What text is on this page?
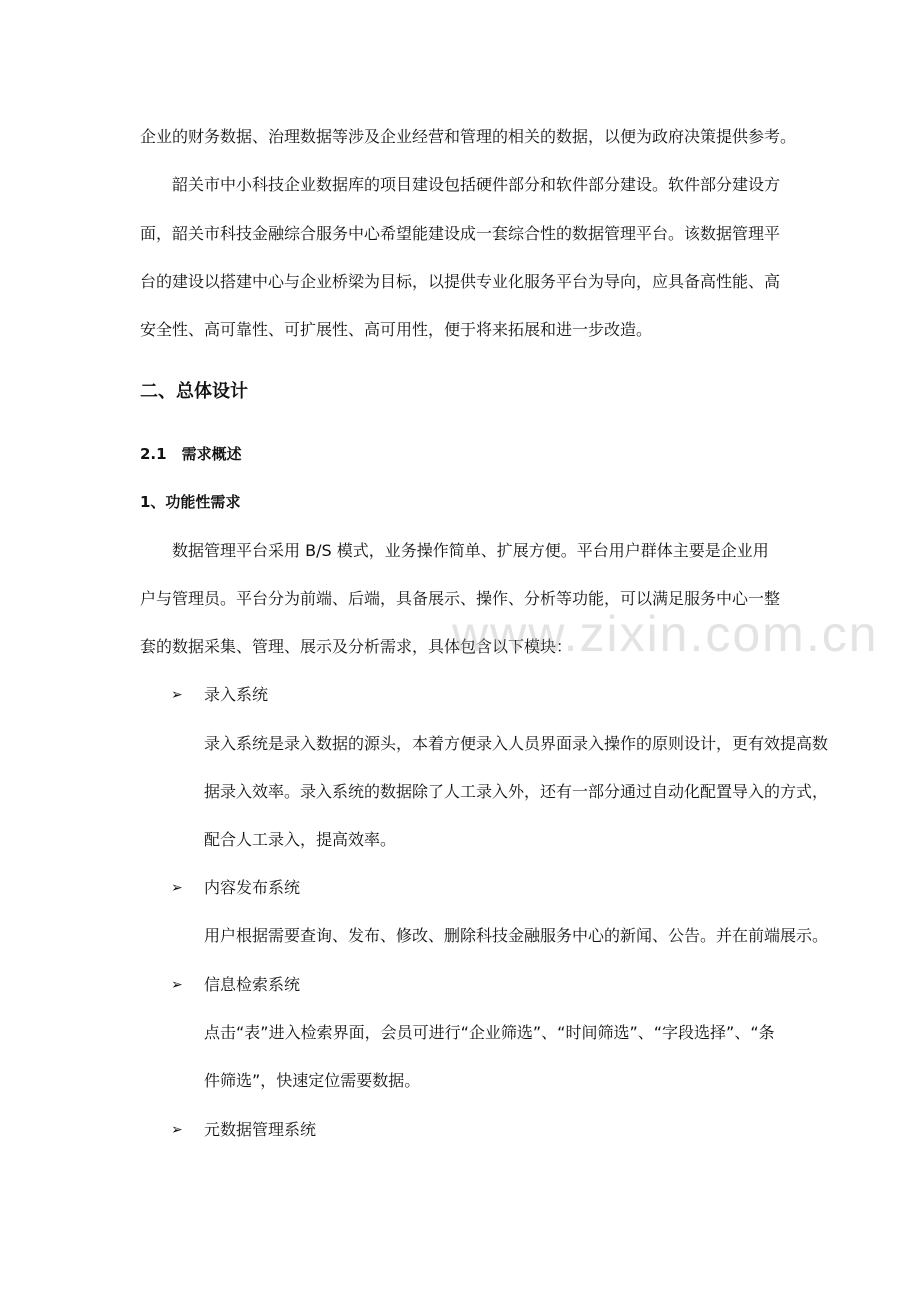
企业的财务数据、治理数据等涉及企业经营和管理的相关的数据，以便为政府决策提供参考。
韶关市中小科技企业数据库的项目建设包括硬件部分和软件部分建设。软件部分建设方
面，韶关市科技金融综合服务中心希望能建设成一套综合性的数据管理平台。该数据管理平
台的建设以搭建中心与企业桥梁为目标，以提供专业化服务平台为导向，应具备高性能、高
安全性、高可靠性、可扩展性、高可用性，便于将来拓展和进一步改造。
二、总体设计
2.1　需求概述
1、功能性需求
数据管理平台采用 B/S 模式，业务操作简单、扩展方便。平台用户群体主要是企业用
户与管理员。平台分为前端、后端，具备展示、操作、分析等功能，可以满足服务中心一整
套的数据采集、管理、展示及分析需求，具体包含以下模块：
➢ 录入系统
录入系统是录入数据的源头，本着方便录入人员界面录入操作的原则设计，更有效提高数
据录入效率。录入系统的数据除了人工录入外，还有一部分通过自动化配置导入的方式，
配合人工录入，提高效率。
➢ 内容发布系统
用户根据需要查询、发布、修改、删除科技金融服务中心的新闻、公告。并在前端展示。
➢ 信息检索系统
点击“表”进入检索界面，会员可进行“企业筛选”、“时间筛选”、“字段选择”、“条
件筛选”，快速定位需要数据。
➢ 元数据管理系统
www.zixin.com.cn
